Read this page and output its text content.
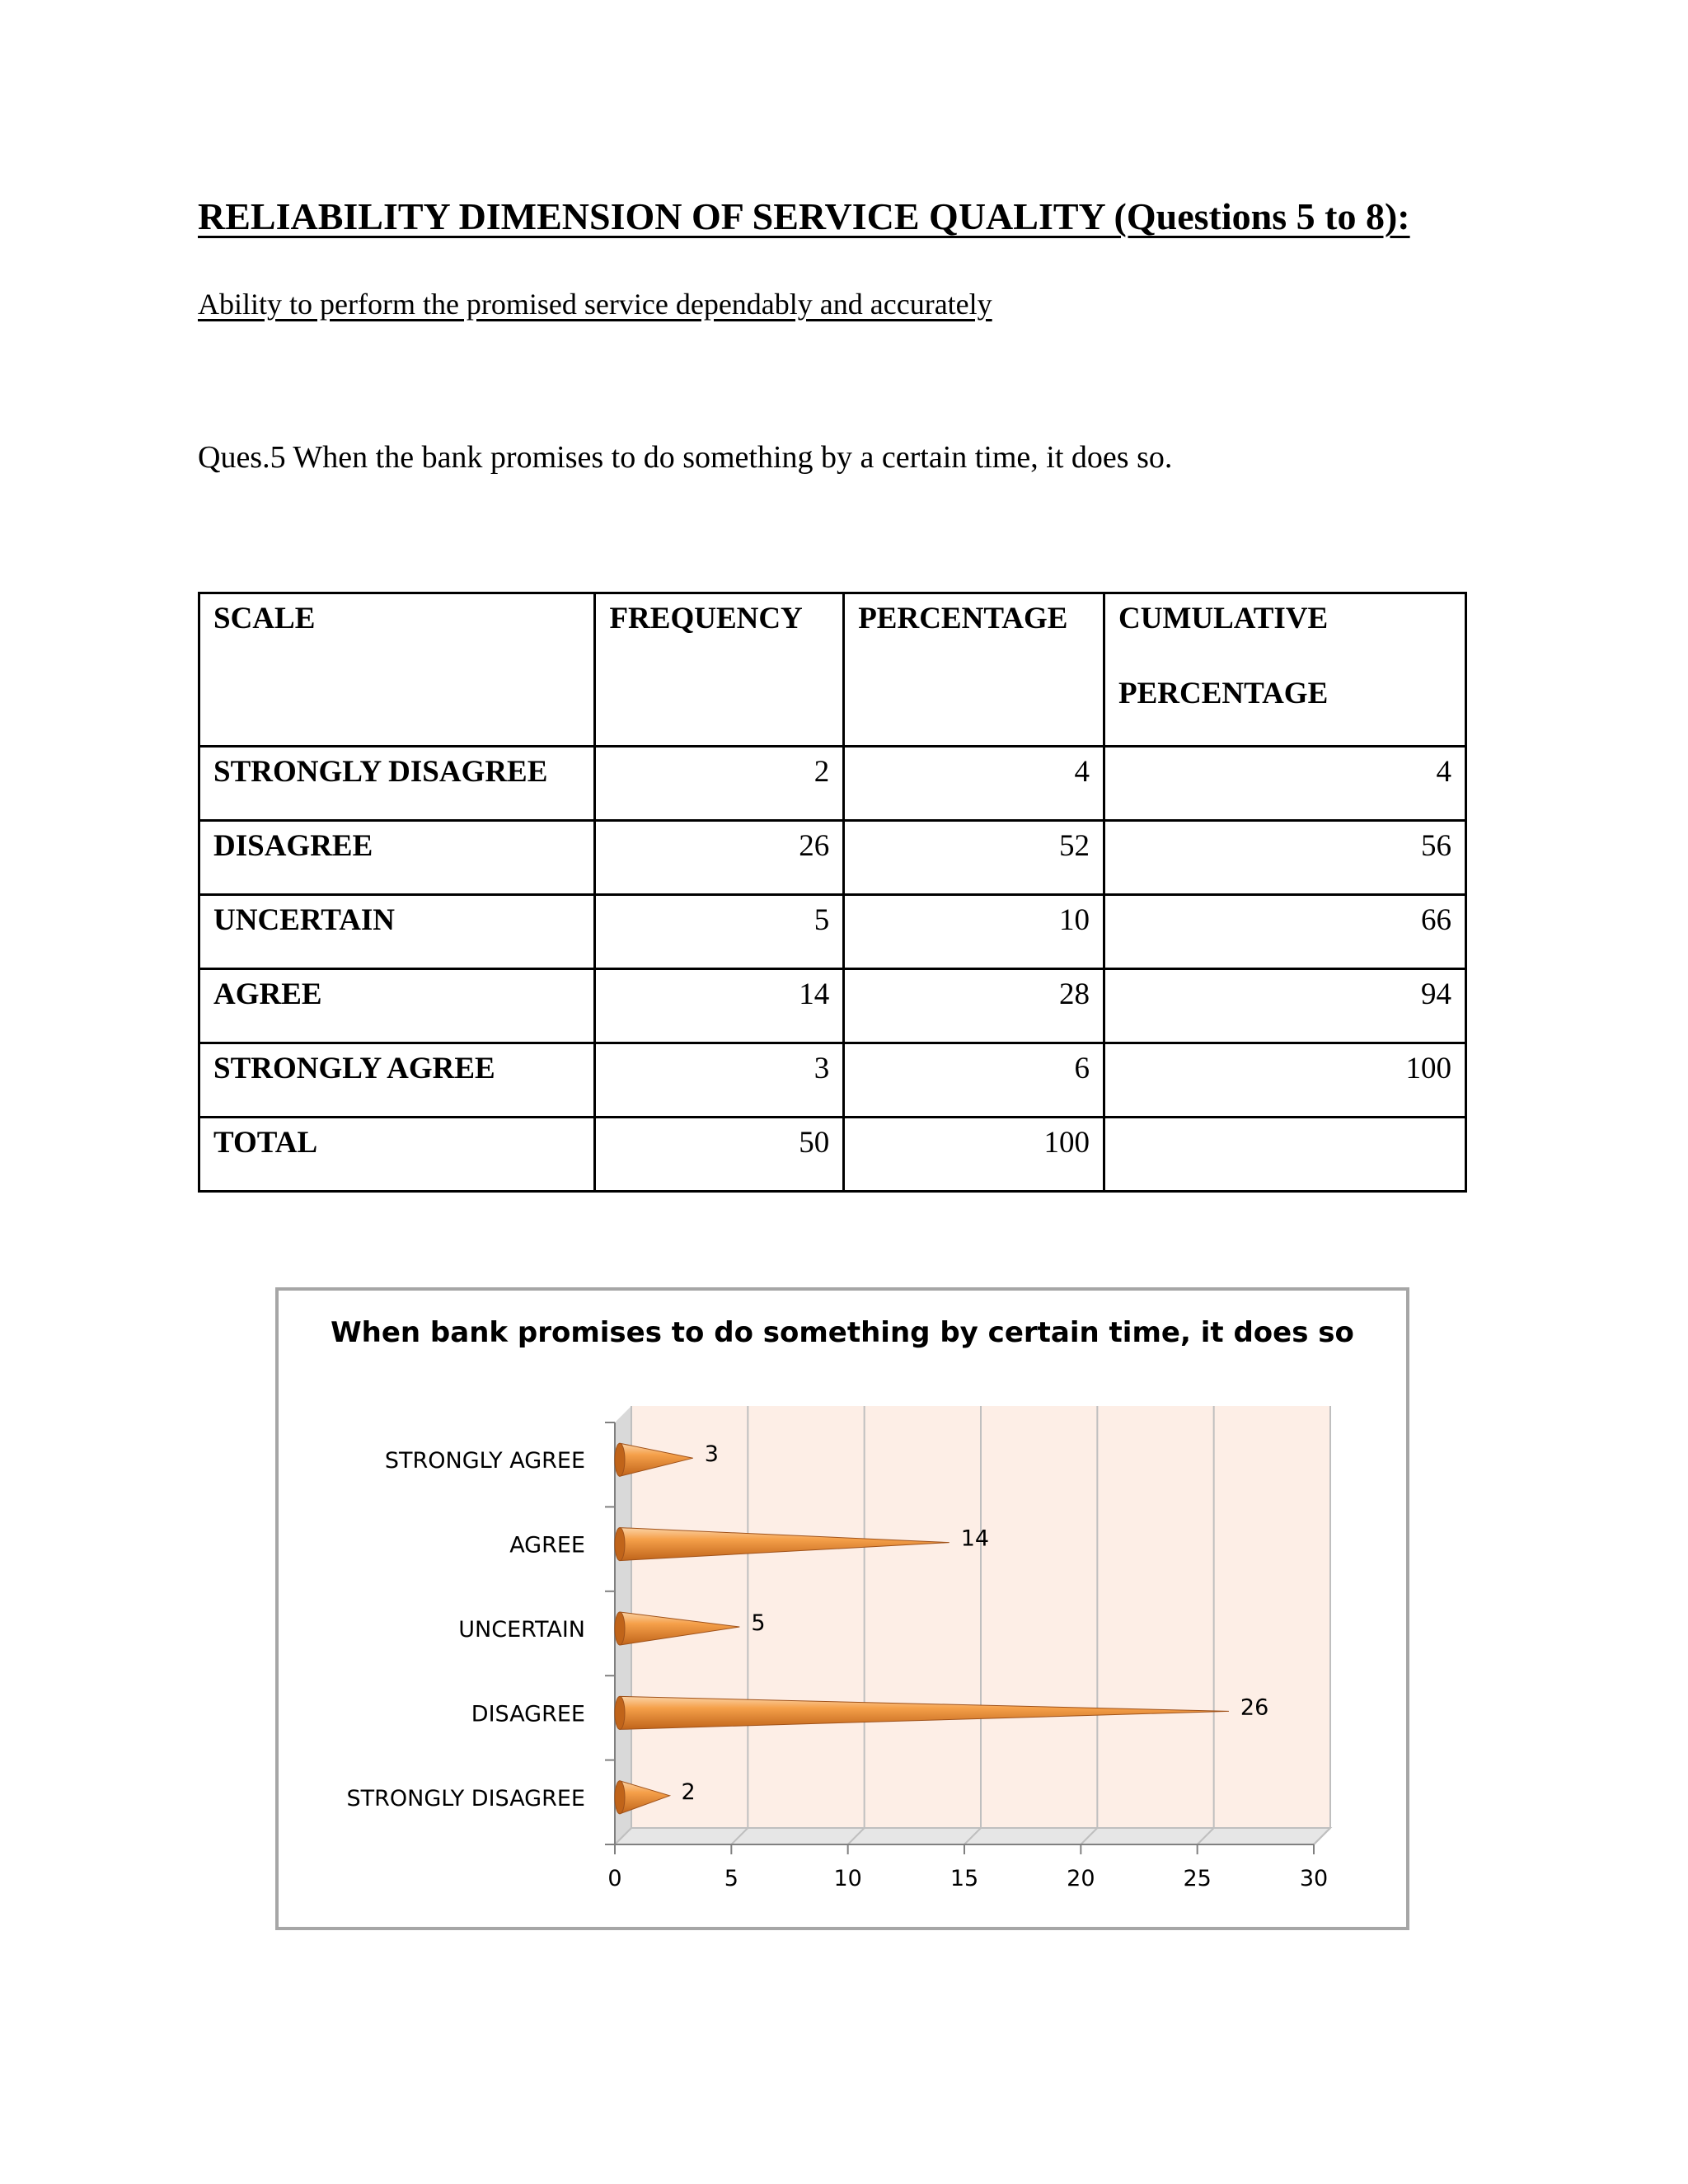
RELIABILITY DIMENSION OF SERVICE QUALITY (Questions 5 to 8):
Ability to perform the promised service dependably and accurately
Ques.5 When the bank promises to do something by a certain time, it does so.
SCALE	FREQUENCY	PERCENTAGE	CUMULATIVE
PERCENTAGE

STRONGLY DISAGREE	2	4	4
DISAGREE	26	52	56
UNCERTAIN	5	10	66
AGREE	14	28	94
STRONGLY AGREE	3	6	100
TOTAL	50	100	
0	5	10	15	20	25	30
STRONGLY AGREE	3
AGREE	14
UNCERTAIN	5
DISAGREE	26
STRONGLY DISAGREE	2
When bank promises to do something by certain time, it does so
